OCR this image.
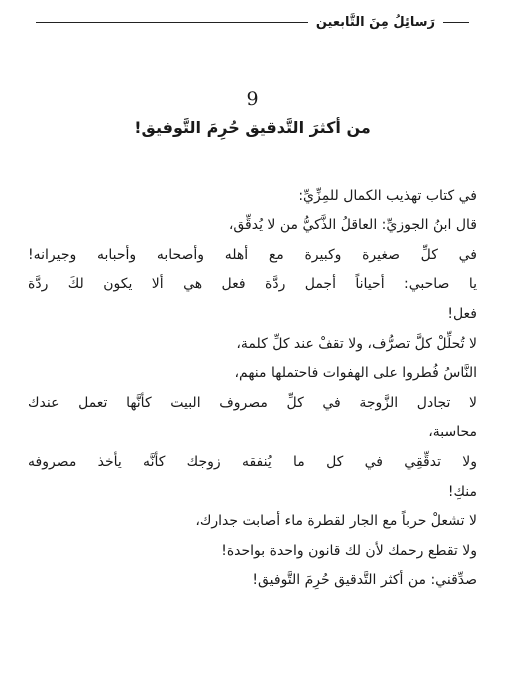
رَسائِلُ مِنَ التَّابعين
9
من أكثرَ التَّدقيق حُرِمَ التَّوفيق!
في كتاب تهذيب الكمال للمِزِّيِّ:
قال ابنُ الجوزيِّ: العاقلُ الذَّكيُّ من لا يُدقِّق،
في كلِّ صغيرة وكبيرة مع أهله وأصحابه وأحبابه وجيرانه!
يا صاحبي: أحياناً أجمل ردَّة فعل هي ألا يكون لكَ ردَّة
فعل!
لا تُحلِّلْ كلَّ تصرُّف، ولا تقفْ عند كلِّ كلمة،
النَّاسُ فُطروا على الهفوات فاحتملها منهم،
لا تجادل الزَّوجة في كلِّ مصروف البيت كأنَّها تعمل عندك
محاسبة،
ولا تدقِّقِي في كل ما يُنفقه زوجك كأنَّه يأخذ مصروفه
منكِ!
لا تشعلْ حرباً مع الجار لقطرة ماء أصابت جدارك،
ولا تقطع رحمك لأن لك قانون واحدة بواحدة!
صدِّقني: من أكثر التَّدقيق حُرِمَ التَّوفيق!
